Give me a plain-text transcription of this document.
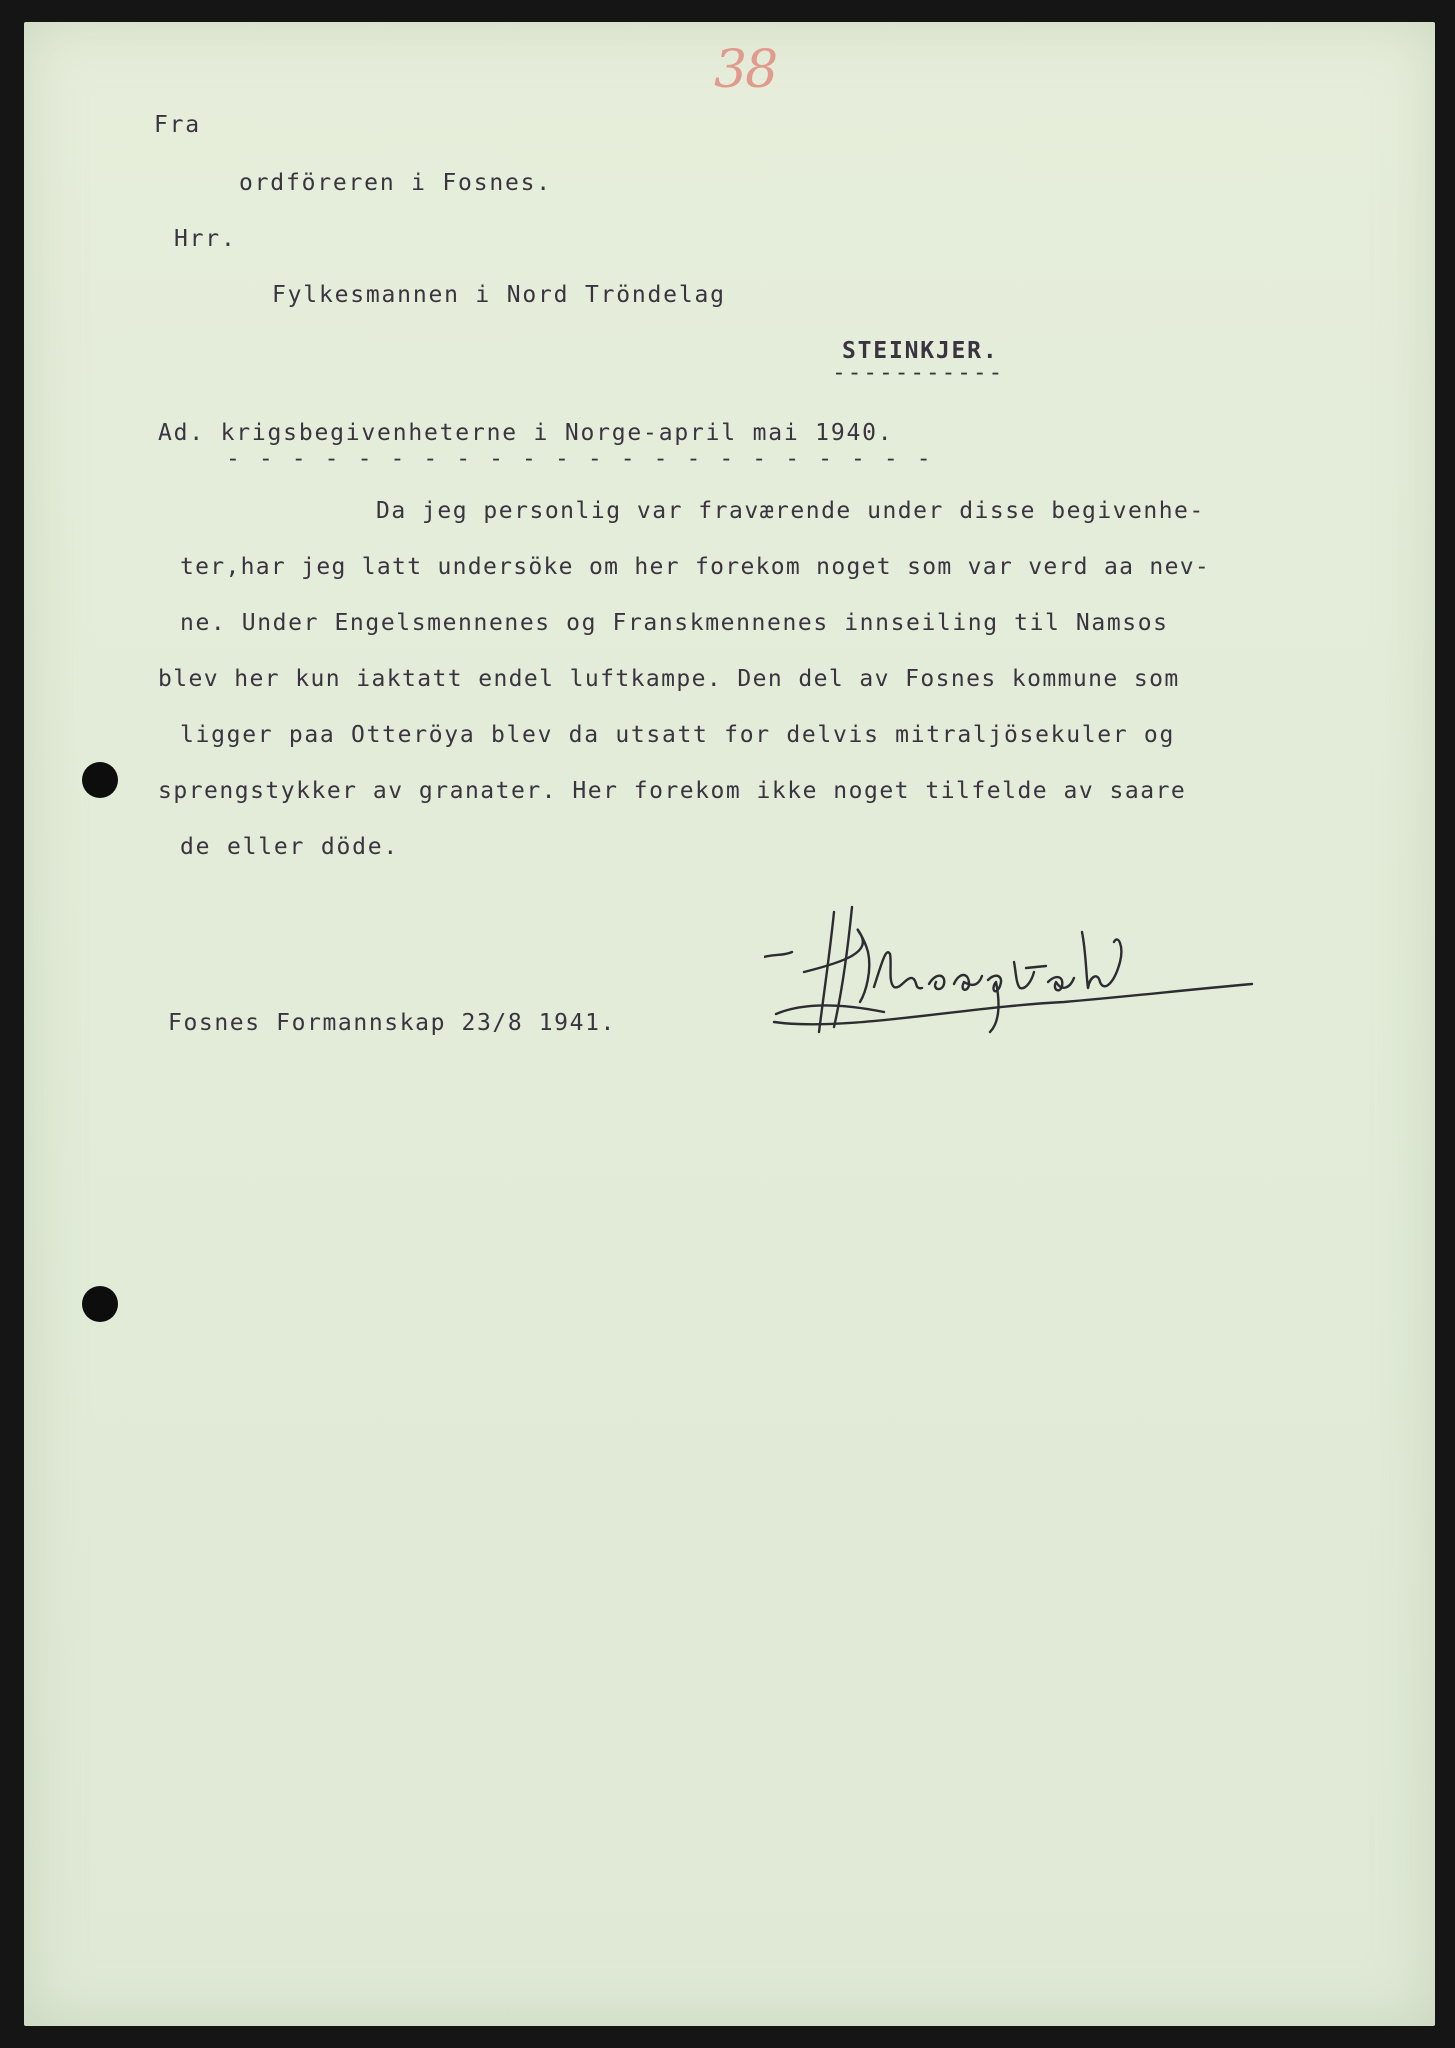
38
Fra
ordföreren i Fosnes.
Hrr.
Fylkesmannen i Nord Tröndelag
STEINKJER.
-----------
Ad. krigsbegivenheterne i Norge-april mai 1940.
- - - - - - - - - - - - - - - - - - - - - -
Da jeg personlig var fraværende under disse begivenhe-
ter,har jeg latt undersöke om her forekom noget som var verd aa nev-
ne. Under Engelsmennenes og Franskmennenes innseiling til Namsos
blev her kun iaktatt endel luftkampe. Den del av Fosnes kommune som
ligger paa Otteröya blev da utsatt for delvis mitraljösekuler og
sprengstykker av granater. Her forekom ikke noget tilfelde av saare
de eller döde.
Fosnes Formannskap 23/8 1941.
